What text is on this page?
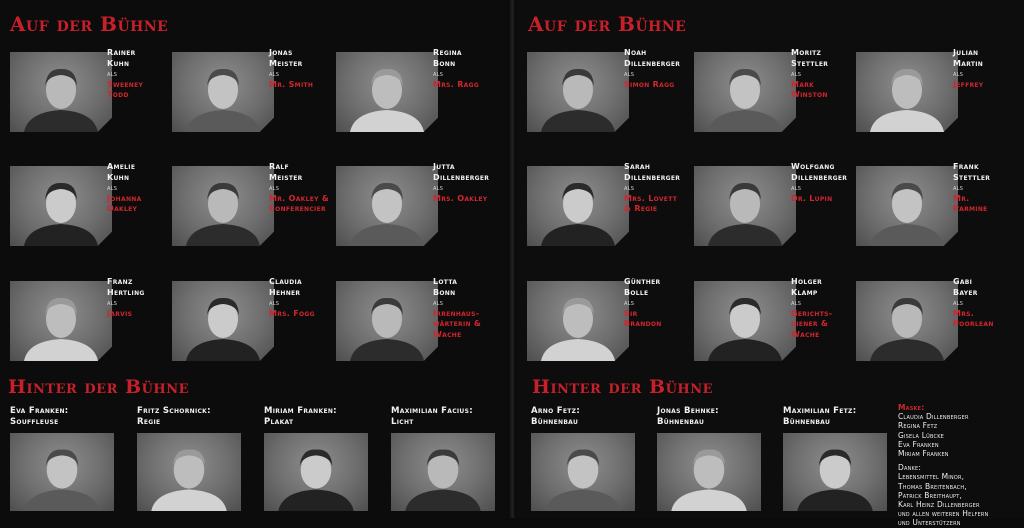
Auf der Bühne	Auf der Bühne
Hinter der Bühne	Hinter der Bühne
Rainer
Kuhn
als
Sweeney
Todd
Jonas
Meister
als
Mr. Smith
Regina
Bonn
als
Mrs. Ragg
Amelie
Kuhn
als
Johanna
Oakley
Ralf
Meister
als
Mr. Oakley &
Conferencier
Jutta
Dillenberger
als
Mrs. Oakley
Franz
Hertling
als
Jarvis
Claudia
Hehner
als
Mrs. Fogg
Lotta
Bonn
als
Irrenhaus-
wärterin &
Wache
Noah
Dillenberger
als
Simon Ragg
Moritz
Stettler
als
Mark
Winston
Julian
Martin
als
Jeffrey
Sarah
Dillenberger
als
Mrs. Lovett
& Regie
Wolfgang
Dillenberger
als
Dr. Lupin
Frank
Stettler
als
Mr.
Parmine
Günther
Bolle
als
Sir
Brandon
Holger
Klamp
als
Gerichts-
diener &
Wache
Gabi
Bayer
als
Mrs.
Poorlean
Eva Franken:
Souffleuse
Fritz Schornick:
Regie
Miriam Franken:
Plakat
Maximilian Facius:
Licht
Arno Fetz:
Bühnenbau
Jonas Behnke:
Bühnenbau
Maximilian Fetz:
Bühnenbau
Maske:
Claudia Dillenberger
Regina Fetz
Gisela Lübcke
Eva Franken
Miriam Franken
Danke:
Lebensmittel Minor,
Thomas Breitenbach,
Patrick Breithaupt,
Karl Heinz Dillenberger
und allen weiteren Helfern
und Unterstützern
